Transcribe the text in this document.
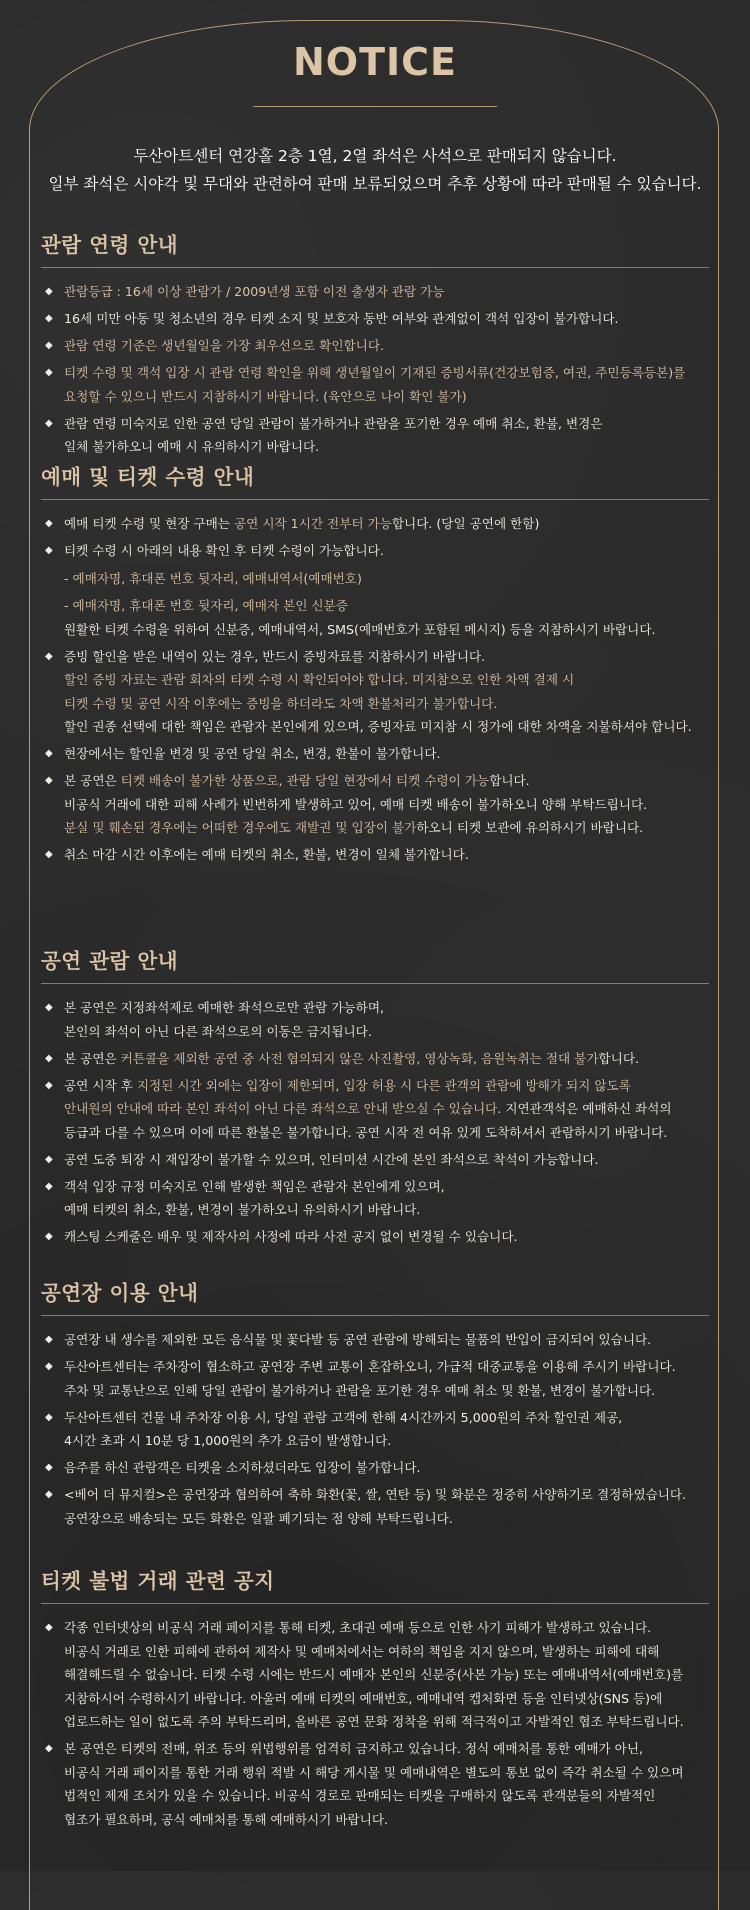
NOTICE

두산아트센터 연강홀 2층 1열, 2열 좌석은 사석으로 판매되지 않습니다.

일부 좌석은 시야각 및 무대와 관련하여 판매 보류되었으며 추후 상황에 따라 판매될 수 있습니다.

관람 연령 안내
◆ 관람등급 : 16세 이상 관람가 / 2009년생 포함 이전 출생자 관람 가능
◆ 16세 미만 아동 및 청소년의 경우 티켓 소지 및 보호자 동반 여부와 관계없이 객석 입장이 불가합니다.
◆ 관람 연령 기준은 생년월일을 가장 최우선으로 확인합니다.
◆ 티켓 수령 및 객석 입장 시 관람 연령 확인을 위해 생년월일이 기재된 증빙서류(건강보험증, 여권, 주민등록등본)를
요청할 수 있으니 반드시 지참하시기 바랍니다. (육안으로 나이 확인 불가)
◆ 관람 연령 미숙지로 인한 공연 당일 관람이 불가하거나 관람을 포기한 경우 예매 취소, 환불, 변경은
일체 불가하오니 예매 시 유의하시기 바랍니다.
예매 및 티켓 수령 안내
◆ 예매 티켓 수령 및 현장 구매는 공연 시작 1시간 전부터 가능합니다. (당일 공연에 한함)
◆ 티켓 수령 시 아래의 내용 확인 후 티켓 수령이 가능합니다.
- 예매자명, 휴대폰 번호 뒷자리, 예매내역서(예매번호)
- 예매자명, 휴대폰 번호 뒷자리, 예매자 본인 신분증
원활한 티켓 수령을 위하여 신분증, 예매내역서, SMS(예매번호가 포함된 메시지) 등을 지참하시기 바랍니다.
◆ 증빙 할인을 받은 내역이 있는 경우, 반드시 증빙자료를 지참하시기 바랍니다.
할인 증빙 자료는 관람 회차의 티켓 수령 시 확인되어야 합니다. 미지참으로 인한 차액 결제 시
티켓 수령 및 공연 시작 이후에는 증빙을 하더라도 차액 환불처리가 불가합니다.
할인 권종 선택에 대한 책임은 관람자 본인에게 있으며, 증빙자료 미지참 시 정가에 대한 차액을 지불하셔야 합니다.
◆ 현장에서는 할인율 변경 및 공연 당일 취소, 변경, 환불이 불가합니다.
◆ 본 공연은 티켓 배송이 불가한 상품으로, 관람 당일 현장에서 티켓 수령이 가능합니다.
비공식 거래에 대한 피해 사례가 빈번하게 발생하고 있어, 예매 티켓 배송이 불가하오니 양해 부탁드립니다.
분실 및 훼손된 경우에는 어떠한 경우에도 재발권 및 입장이 불가하오니 티켓 보관에 유의하시기 바랍니다.
◆ 취소 마감 시간 이후에는 예매 티켓의 취소, 환불, 변경이 일체 불가합니다.
공연 관람 안내
◆ 본 공연은 지정좌석제로 예매한 좌석으로만 관람 가능하며,
본인의 좌석이 아닌 다른 좌석으로의 이동은 금지됩니다.
◆ 본 공연은 커튼콜을 제외한 공연 중 사전 협의되지 않은 사진촬영, 영상녹화, 음원녹취는 절대 불가합니다.
◆ 공연 시작 후 지정된 시간 외에는 입장이 제한되며, 입장 허용 시 다른 관객의 관람에 방해가 되지 않도록
안내원의 안내에 따라 본인 좌석이 아닌 다른 좌석으로 안내 받으실 수 있습니다. 지연관객석은 예매하신 좌석의
등급과 다를 수 있으며 이에 따른 환불은 불가합니다. 공연 시작 전 여유 있게 도착하셔서 관람하시기 바랍니다.
◆ 공연 도중 퇴장 시 재입장이 불가할 수 있으며, 인터미션 시간에 본인 좌석으로 착석이 가능합니다.
◆ 객석 입장 규정 미숙지로 인해 발생한 책임은 관람자 본인에게 있으며,
예매 티켓의 취소, 환불, 변경이 불가하오니 유의하시기 바랍니다.
◆ 캐스팅 스케줄은 배우 및 제작사의 사정에 따라 사전 공지 없이 변경될 수 있습니다.
공연장 이용 안내
◆ 공연장 내 생수를 제외한 모든 음식물 및 꽃다발 등 공연 관람에 방해되는 물품의 반입이 금지되어 있습니다.
◆ 두산아트센터는 주차장이 협소하고 공연장 주변 교통이 혼잡하오니, 가급적 대중교통을 이용해 주시기 바랍니다.
주차 및 교통난으로 인해 당일 관람이 불가하거나 관람을 포기한 경우 예매 취소 및 환불, 변경이 불가합니다.
◆ 두산아트센터 건물 내 주차장 이용 시, 당일 관람 고객에 한해 4시간까지 5,000원의 주차 할인권 제공,
4시간 초과 시 10분 당 1,000원의 추가 요금이 발생합니다.
◆ 음주를 하신 관람객은 티켓을 소지하셨더라도 입장이 불가합니다.
◆ <베어 더 뮤지컬>은 공연장과 협의하여 축하 화환(꽃, 쌀, 연탄 등) 및 화분은 정중히 사양하기로 결정하였습니다.
공연장으로 배송되는 모든 화환은 일괄 폐기되는 점 양해 부탁드립니다.
티켓 불법 거래 관련 공지
◆ 각종 인터넷상의 비공식 거래 페이지를 통해 티켓, 초대권 예매 등으로 인한 사기 피해가 발생하고 있습니다.
비공식 거래로 인한 피해에 관하여 제작사 및 예매처에서는 여하의 책임을 지지 않으며, 발생하는 피해에 대해
해결해드릴 수 없습니다. 티켓 수령 시에는 반드시 예매자 본인의 신분증(사본 가능) 또는 예매내역서(예매번호)를
지참하시어 수령하시기 바랍니다. 아울러 예매 티켓의 예매번호, 예매내역 캡처화면 등을 인터넷상(SNS 등)에
업로드하는 일이 없도록 주의 부탁드리며, 올바른 공연 문화 정착을 위해 적극적이고 자발적인 협조 부탁드립니다.
◆ 본 공연은 티켓의 전매, 위조 등의 위법행위를 엄격히 금지하고 있습니다. 정식 예매처를 통한 예매가 아닌,
비공식 거래 페이지를 통한 거래 행위 적발 시 해당 게시물 및 예매내역은 별도의 통보 없이 즉각 취소될 수 있으며
법적인 제재 조치가 있을 수 있습니다. 비공식 경로로 판매되는 티켓을 구매하지 않도록 관객분들의 자발적인
협조가 필요하며, 공식 예매처를 통해 예매하시기 바랍니다.
